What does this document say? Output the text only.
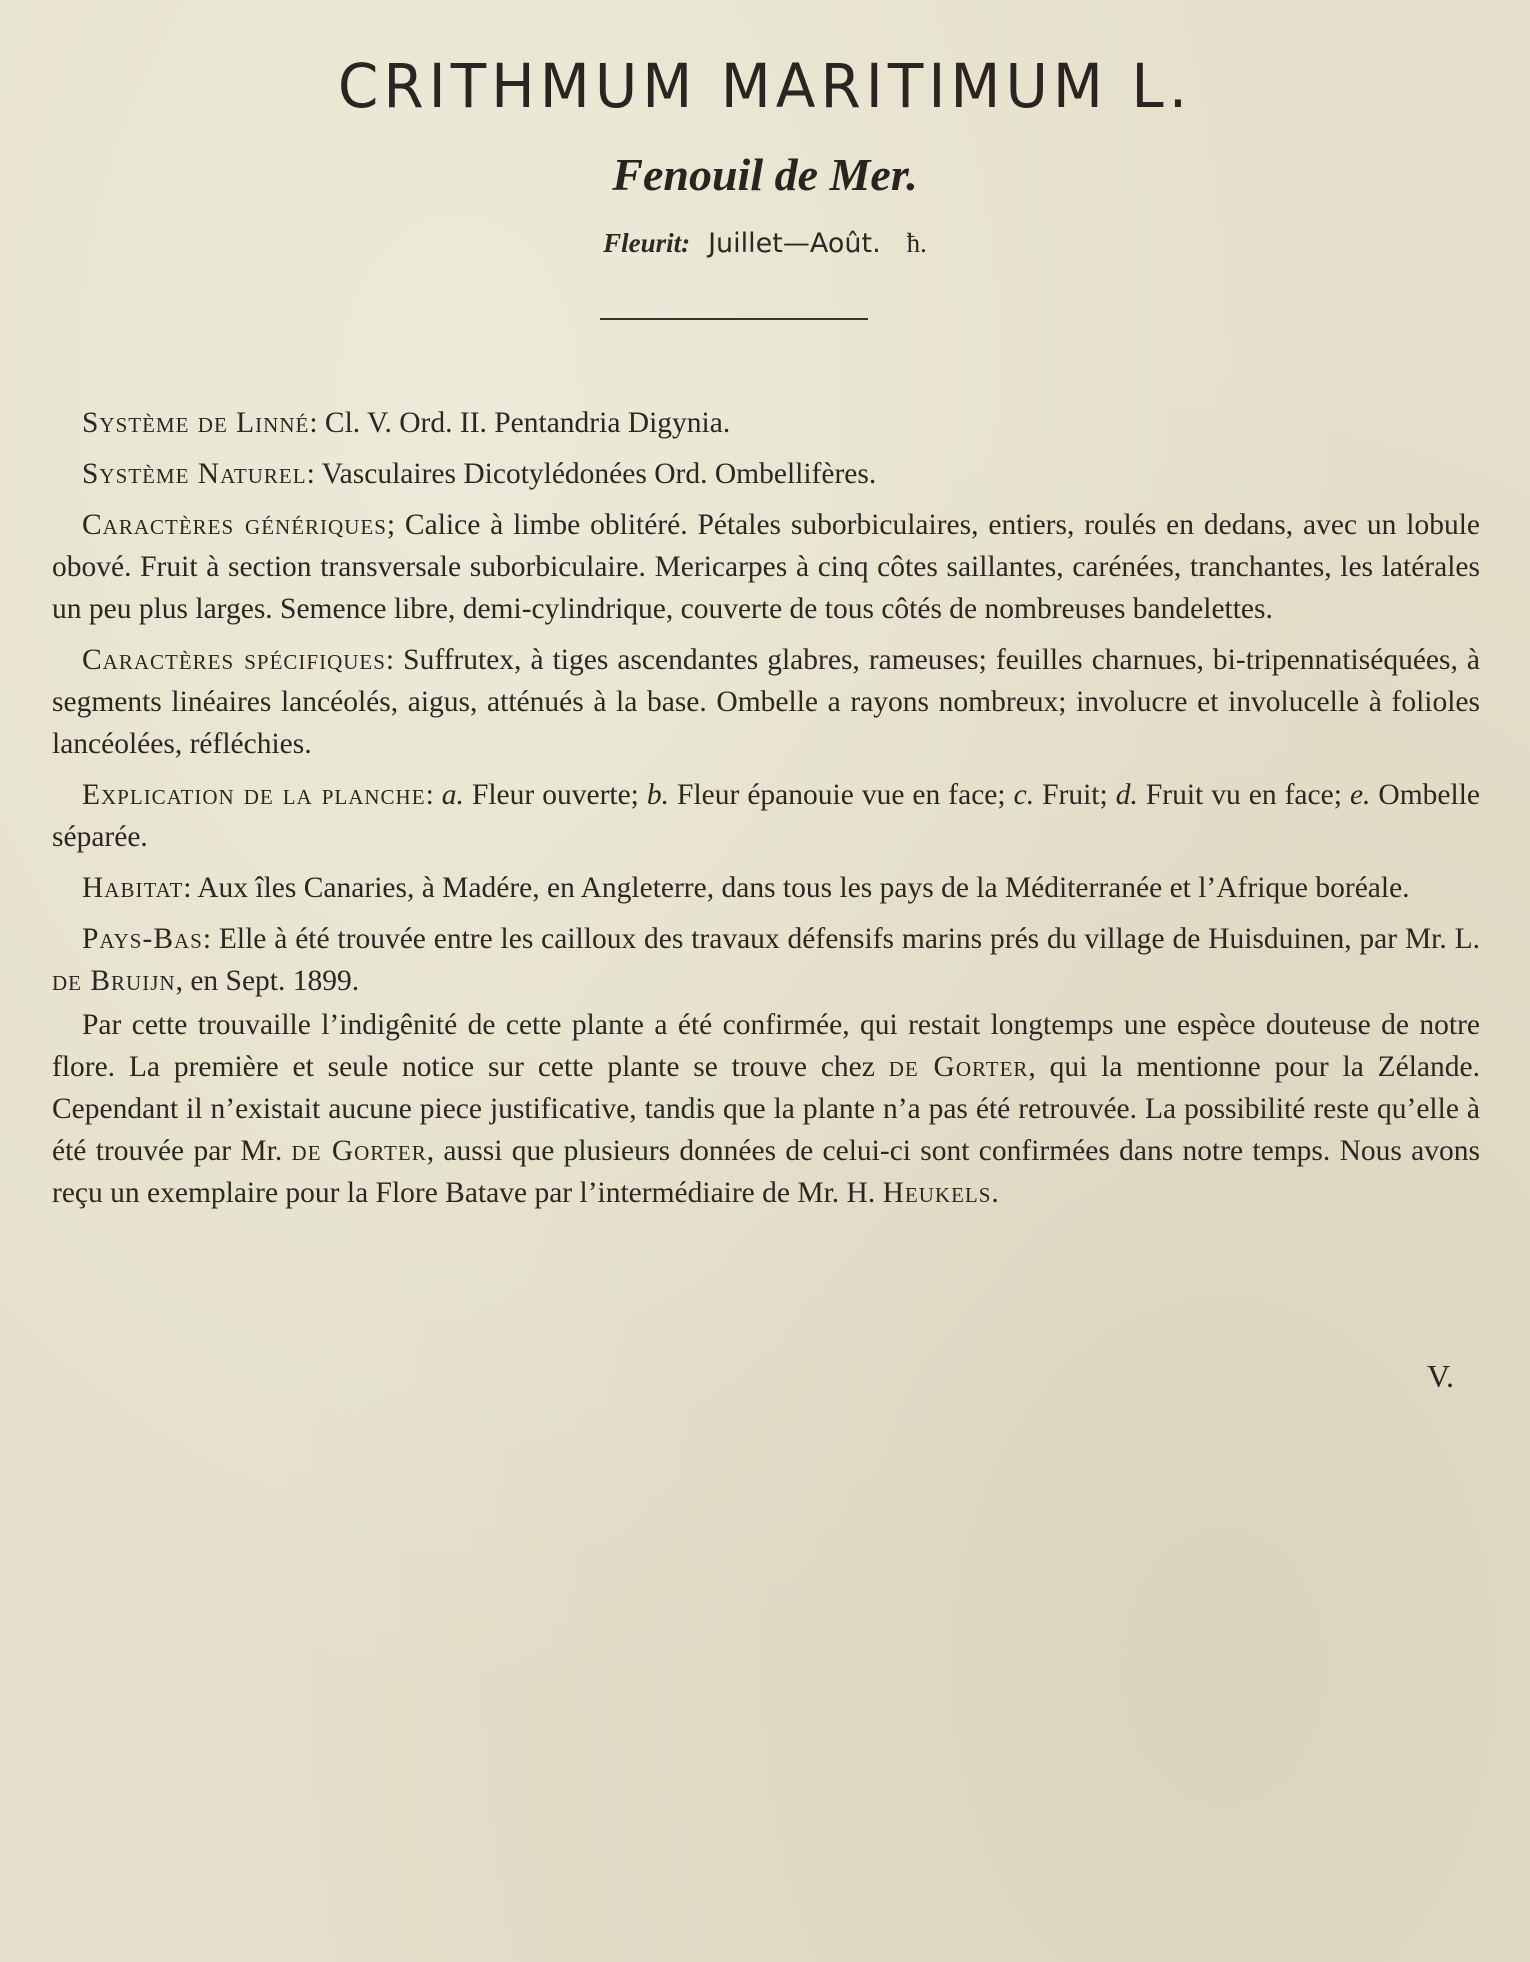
CRITHMUM MARITIMUM L.
Fenouil de Mer.
Fleurit: Juillet—Août. ħ.

Système de Linné: Cl. V. Ord. II. Pentandria Digynia.

Système Naturel: Vasculaires Dicotylédonées Ord. Ombellifères.

Caractères génériques; Calice à limbe oblitéré. Pétales suborbiculaires, entiers, roulés en dedans, avec un lobule obové. Fruit à section transversale suborbiculaire. Mericarpes à cinq côtes saillantes, carénées, tranchantes, les latérales un peu plus larges. Semence libre, demi-cylindrique, couverte de tous côtés de nombreuses bandelettes.

Caractères spécifiques: Suffrutex, à tiges ascendantes glabres, rameuses; feuilles charnues, bi-tripennatiséquées, à segments linéaires lancéolés, aigus, atténués à la base. Ombelle a rayons nombreux; involucre et involucelle à folioles lancéolées, réfléchies.

Explication de la planche: a. Fleur ouverte; b. Fleur épanouie vue en face; c. Fruit; d. Fruit vu en face; e. Ombelle séparée.

Habitat: Aux îles Canaries, à Madére, en Angleterre, dans tous les pays de la Méditerranée et l’Afrique boréale.

Pays-Bas: Elle à été trouvée entre les cailloux des travaux défensifs marins prés du village de Huisduinen, par Mr. L. de Bruijn, en Sept. 1899.

Par cette trouvaille l’indigênité de cette plante a été confirmée, qui restait longtemps une espèce douteuse de notre flore. La première et seule notice sur cette plante se trouve chez de Gorter, qui la mentionne pour la Zélande. Cependant il n’existait aucune piece justificative, tandis que la plante n’a pas été retrouvée. La possibilité reste qu’elle à été trouvée par Mr. de Gorter, aussi que plusieurs données de celui-ci sont confirmées dans notre temps. Nous avons reçu un exemplaire pour la Flore Batave par l’intermédiaire de Mr. H. Heukels.

V.
